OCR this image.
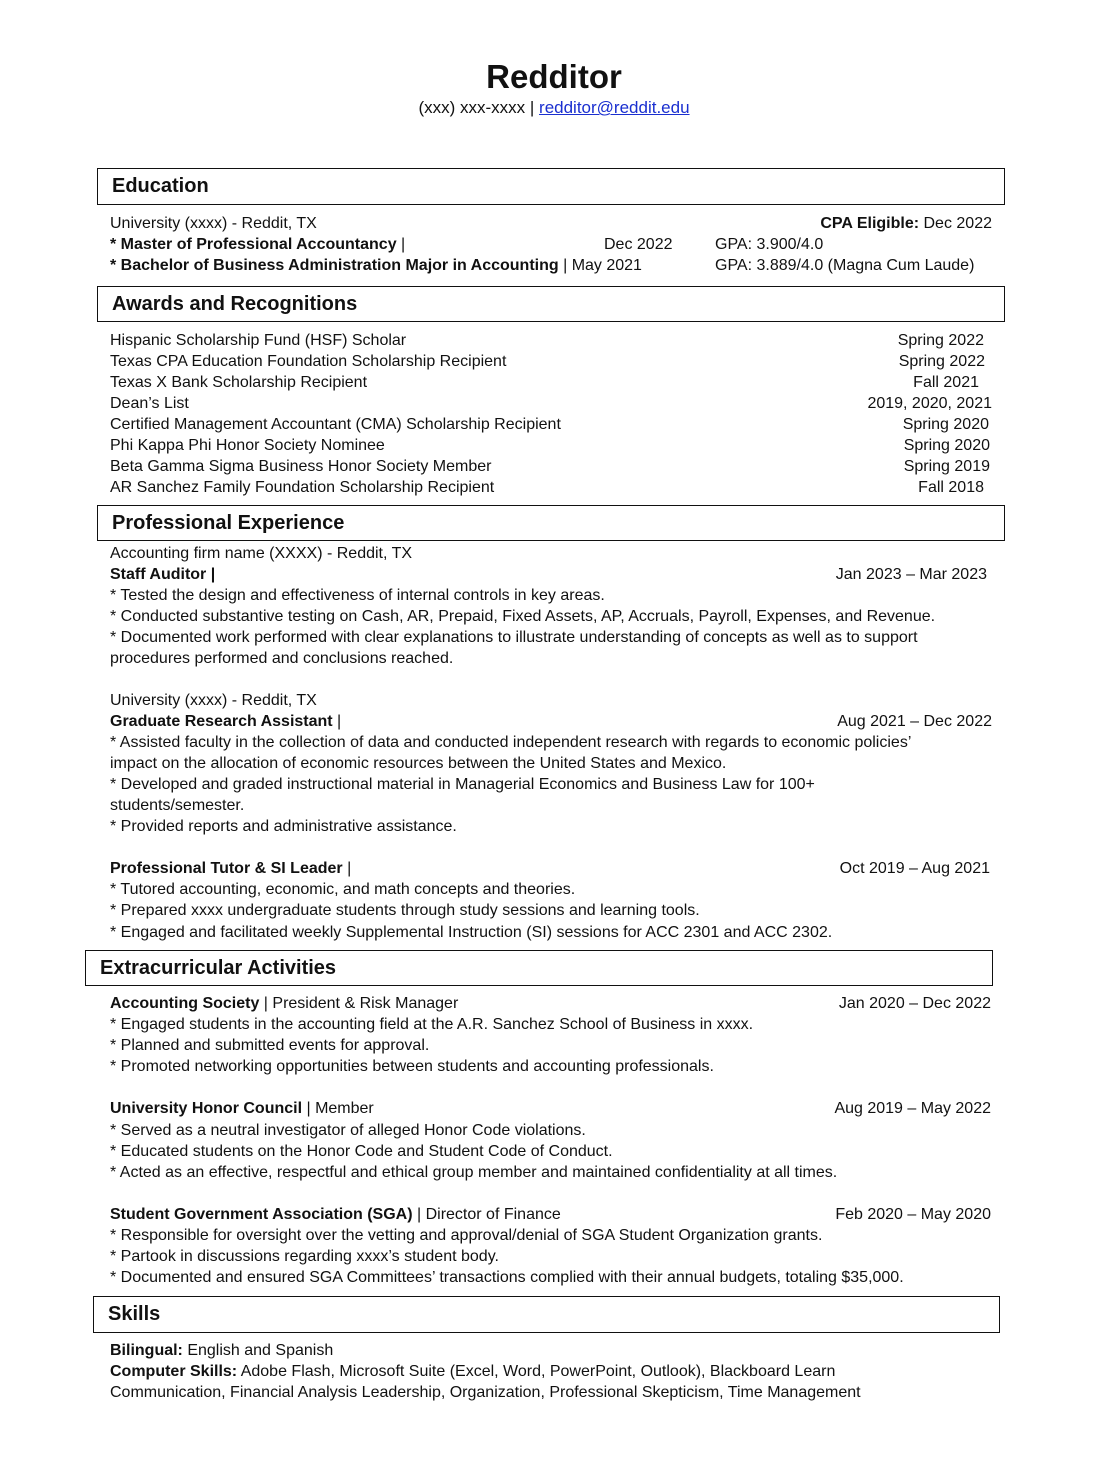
Redditor
(xxx) xxx-xxxx | redditor@reddit.edu
Education
University (xxxx) - Reddit, TX	CPA Eligible: Dec 2022
* Master of Professional Accountancy |	Dec 2022	GPA: 3.900/4.0
* Bachelor of Business Administration Major in Accounting | May 2021	GPA: 3.889/4.0 (Magna Cum Laude)
Awards and Recognitions
Hispanic Scholarship Fund (HSF) Scholar	Spring 2022
Texas CPA Education Foundation Scholarship Recipient	Spring 2022
Texas X Bank Scholarship Recipient	Fall 2021
Dean’s List	2019, 2020, 2021
Certified Management Accountant (CMA) Scholarship Recipient	Spring 2020
Phi Kappa Phi Honor Society Nominee	Spring 2020
Beta Gamma Sigma Business Honor Society Member	Spring 2019
AR Sanchez Family Foundation Scholarship Recipient	Fall 2018
Professional Experience
Accounting firm name (XXXX) - Reddit, TX
Staff Auditor |	Jan 2023 – Mar 2023
* Tested the design and effectiveness of internal controls in key areas.
* Conducted substantive testing on Cash, AR, Prepaid, Fixed Assets, AP, Accruals, Payroll, Expenses, and Revenue.
* Documented work performed with clear explanations to illustrate understanding of concepts as well as to support
procedures performed and conclusions reached.
University (xxxx) - Reddit, TX
Graduate Research Assistant |	Aug 2021 – Dec 2022
* Assisted faculty in the collection of data and conducted independent research with regards to economic policies’
impact on the allocation of economic resources between the United States and Mexico.
* Developed and graded instructional material in Managerial Economics and Business Law for 100+
students/semester.
* Provided reports and administrative assistance.
Professional Tutor & SI Leader |	Oct 2019 – Aug 2021
* Tutored accounting, economic, and math concepts and theories.
* Prepared xxxx undergraduate students through study sessions and learning tools.
* Engaged and facilitated weekly Supplemental Instruction (SI) sessions for ACC 2301 and ACC 2302.
Extracurricular Activities
Accounting Society | President & Risk Manager	Jan 2020 – Dec 2022
* Engaged students in the accounting field at the A.R. Sanchez School of Business in xxxx.
* Planned and submitted events for approval.
* Promoted networking opportunities between students and accounting professionals.
University Honor Council | Member	Aug 2019 – May 2022
* Served as a neutral investigator of alleged Honor Code violations.
* Educated students on the Honor Code and Student Code of Conduct.
* Acted as an effective, respectful and ethical group member and maintained confidentiality at all times.
Student Government Association (SGA) | Director of Finance	Feb 2020 – May 2020
* Responsible for oversight over the vetting and approval/denial of SGA Student Organization grants.
* Partook in discussions regarding xxxx’s student body.
* Documented and ensured SGA Committees’ transactions complied with their annual budgets, totaling $35,000.
Skills
Bilingual: English and Spanish
Computer Skills: Adobe Flash, Microsoft Suite (Excel, Word, PowerPoint, Outlook), Blackboard Learn
Communication, Financial Analysis Leadership, Organization, Professional Skepticism, Time Management
